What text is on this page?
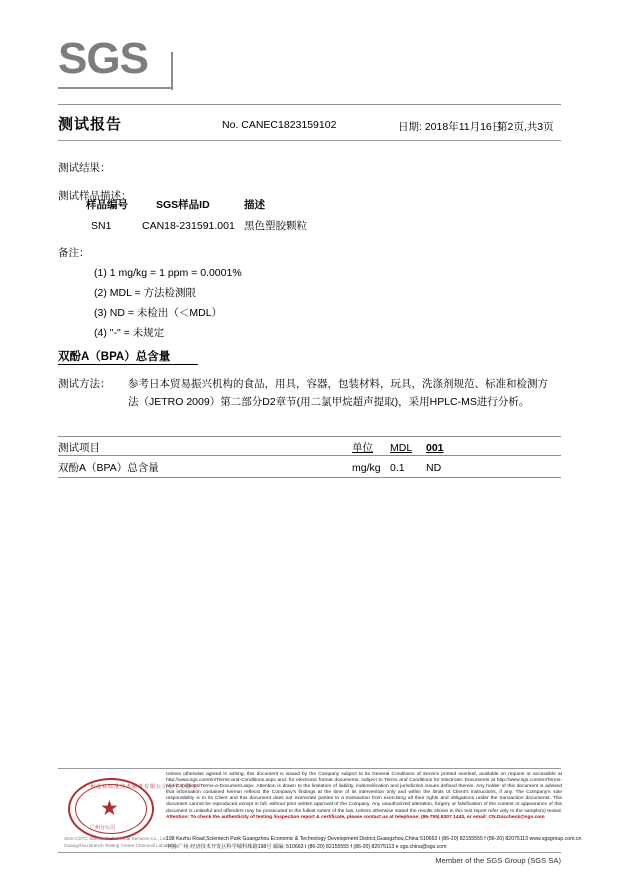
SGS
测试报告	No. CANEC1823159102	日期: 2018年11月16日
第2页,共3页
测试结果：
测试样品描述：
样品编号	SGS样品ID	描述
SN1	CAN18-231591.001 黑色塑胶颗粒
备注：
(1) 1 mg/kg = 1 ppm = 0.0001%
(2) MDL = 方法检测限
(3) ND = 未检出（＜MDL）
(4) "-" = 未规定
双酚A（BPA）总含量
测试方法： 参考日本贸易振兴机构的食品，用具，容器，包装材料，玩具，洗涤剂规范、标准和检测方
法（JETRO 2009）第二部分D2章节(用二氯甲烷超声提取)，采用HPLC-MS进行分析。
测试项目	单位 MDL 001
双酚A（BPA）总含量	mg/kg 0.1 ND
广州通标标准技术服务有限公司化学实验室
★
广州分公司
SGS-CSTC Standards Technical Services Co., Ltd.
Guangzhou Branch Testing Centre Chemical Laboratory
Unless otherwise agreed in writing, this document is issued by the Company subject to its General Conditions of Service printed overleaf, available on request or accessible at http://www.sgs.com/en/Terms-and-Conditions.aspx and, for electronic format documents, subject to Terms and Conditions for Electronic Documents at http://www.sgs.com/en/Terms-and-Conditions/Terms-e-Document.aspx. Attention is drawn to the limitation of liability, indemnification and jurisdiction issues defined therein. Any holder of this document is advised that information contained hereon reflects the Company's findings at the time of its intervention only and within the limits of Client's instructions, if any. The Company's sole responsibility is to its Client and this document does not exonerate parties to a transaction from exercising all their rights and obligations under the transaction documents. This document cannot be reproduced except in full, without prior written approval of the Company. Any unauthorized alteration, forgery or falsification of the content or appearance of this document is unlawful and offenders may be prosecuted to the fullest extent of the law. Unless otherwise stated the results shown in this test report refer only to the sample(s) tested. Attention: To check the authenticity of testing /inspection report & certificate, please contact us at telephone: (86-755) 8307 1443, or email: CN.Doccheck@sgs.com
198 Kezhu Road,Scientech Park Guangzhou Economic & Technology Development District,Guangzhou,China 510663 t (86-20) 82155555 f (86-20) 82075113 www.sgsgroup.com.cn
中国·广州·经济技术开发区科学城科珠路198号 邮编: 510663 t (86-20) 82155555 f (86-20) 82075113 e sgs.china@sgs.com
Member of the SGS Group (SGS SA)
